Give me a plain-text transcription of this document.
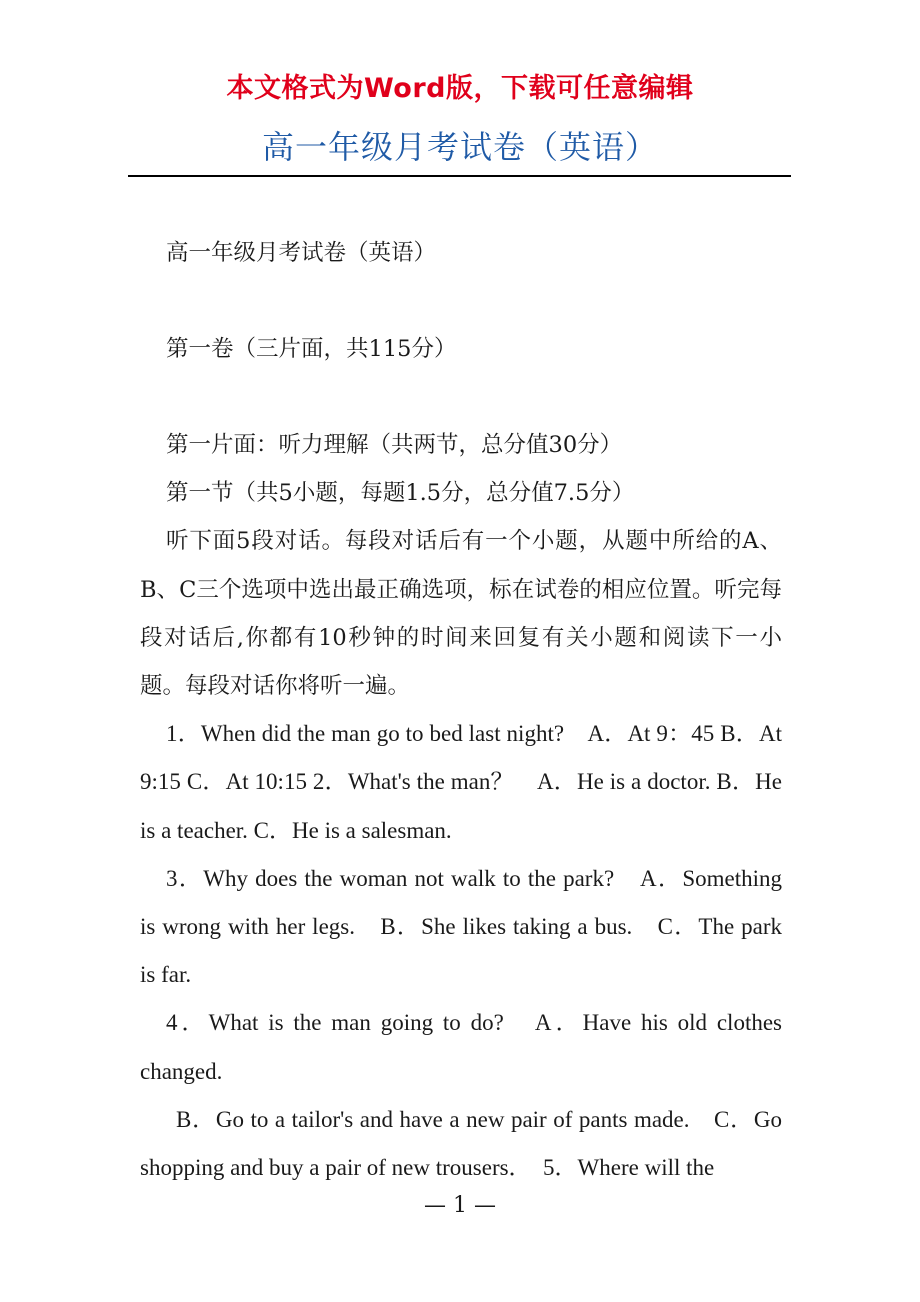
本文格式为Word版，下载可任意编辑
高一年级月考试卷（英语）

高一年级月考试卷（英语）

第一卷（三片面，共115分）

第一片面：听力理解（共两节，总分值30分）

第一节（共5小题，每题1.5分，总分值7.5分）

听下面5段对话。每段对话后有一个小题，从题中所给的A、B、C三个选项中选出最正确选项，标在试卷的相应位置。听完每段对话后,你都有10秒钟的时间来回复有关小题和阅读下一小题。每段对话你将听一遍。

1．When did the man go to bed last night?　A．At 9：45 B．At 9:15 C．At 10:15 2．What's the man？　A．He is a doctor. B．He is a teacher. C．He is a salesman.

3．Why does the woman not walk to the park?　A．Something is wrong with her legs.　B．She likes taking a bus.　C．The park is far.

4．What is the man going to do?　A．Have his old clothes changed.

B．Go to a tailor's and have a new pair of pants made.　C．Go shopping and buy a pair of new trousers．　5．Where will the

— 1 —
